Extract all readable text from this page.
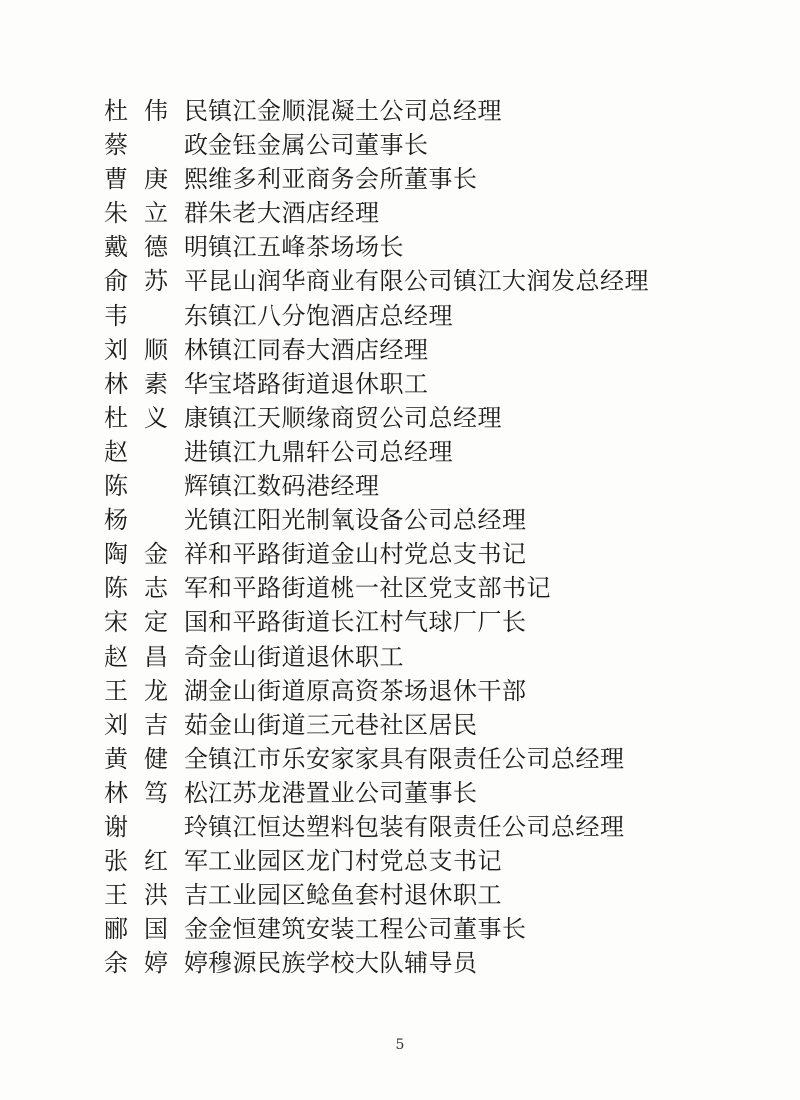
杜伟民 镇江金顺混凝土公司总经理
蔡 政 金钰金属公司董事长
曹庚熙 维多利亚商务会所董事长
朱立群 朱老大酒店经理
戴德明 镇江五峰茶场场长
俞苏平 昆山润华商业有限公司镇江大润发总经理
韦 东 镇江八分饱酒店总经理
刘顺林 镇江同春大酒店经理
林素华 宝塔路街道退休职工
杜义康 镇江天顺缘商贸公司总经理
赵 进 镇江九鼎轩公司总经理
陈 辉 镇江数码港经理
杨 光 镇江阳光制氧设备公司总经理
陶金祥 和平路街道金山村党总支书记
陈志军 和平路街道桃一社区党支部书记
宋定国 和平路街道长江村气球厂厂长
赵昌奇 金山街道退休职工
王龙湖 金山街道原高资茶场退休干部
刘吉茹 金山街道三元巷社区居民
黄健全 镇江市乐安家家具有限责任公司总经理
林笃松 江苏龙港置业公司董事长
谢 玲 镇江恒达塑料包装有限责任公司总经理
张红军 工业园区龙门村党总支书记
王洪吉 工业园区鲶鱼套村退休职工
郦国金 金恒建筑安装工程公司董事长
余婷婷 穆源民族学校大队辅导员
5
